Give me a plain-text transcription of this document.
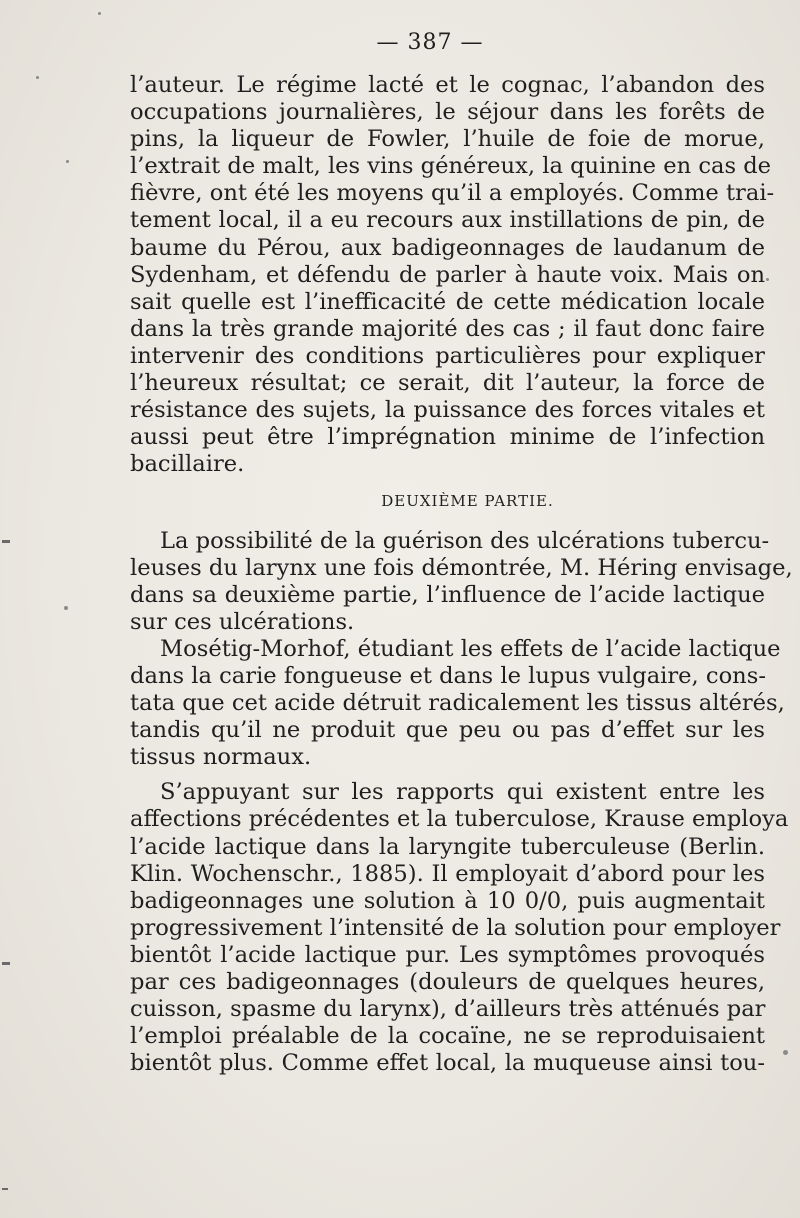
— 387 —

l’auteur. Le régime lacté et le cognac, l’abandon des
occupations journalières, le séjour dans les forêts de
pins, la liqueur de Fowler, l’huile de foie de morue,
l’extrait de malt, les vins généreux, la quinine en cas de
fièvre, ont été les moyens qu’il a employés. Comme trai-
tement local, il a eu recours aux instillations de pin, de
baume du Pérou, aux badigeonnages de laudanum de
Sydenham, et défendu de parler à haute voix. Mais on
sait quelle est l’inefficacité de cette médication locale
dans la très grande majorité des cas ; il faut donc faire
intervenir des conditions particulières pour expliquer
l’heureux résultat; ce serait, dit l’auteur, la force de
résistance des sujets, la puissance des forces vitales et
aussi peut être l’imprégnation minime de l’infection
bacillaire.

DEUXIÈME PARTIE.

La possibilité de la guérison des ulcérations tubercu-
leuses du larynx une fois démontrée, M. Héring envisage,
dans sa deuxième partie, l’influence de l’acide lactique
sur ces ulcérations.

Mosétig-Morhof, étudiant les effets de l’acide lactique
dans la carie fongueuse et dans le lupus vulgaire, cons-
tata que cet acide détruit radicalement les tissus altérés,
tandis qu’il ne produit que peu ou pas d’effet sur les
tissus normaux.

S’appuyant sur les rapports qui existent entre les
affections précédentes et la tuberculose, Krause employa
l’acide lactique dans la laryngite tuberculeuse (Berlin.
Klin. Wochenschr., 1885). Il employait d’abord pour les
badigeonnages une solution à 10 0/0, puis augmentait
progressivement l’intensité de la solution pour employer
bientôt l’acide lactique pur. Les symptômes provoqués
par ces badigeonnages (douleurs de quelques heures,
cuisson, spasme du larynx), d’ailleurs très atténués par
l’emploi préalable de la cocaïne, ne se reproduisaient
bientôt plus. Comme effet local, la muqueuse ainsi tou-
